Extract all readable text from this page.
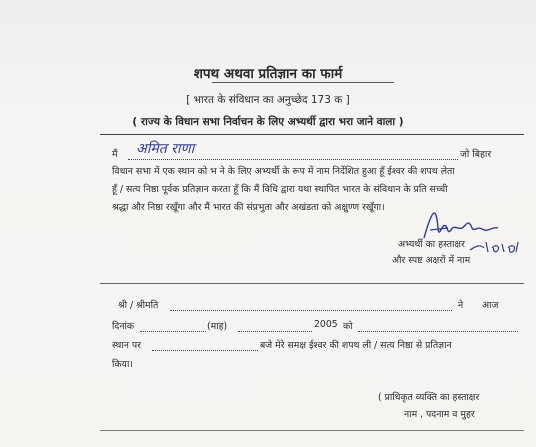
शपथ अथवा प्रतिज्ञान का फार्म
[ भारत के संविधान का अनुच्छेद 173 क ]
( राज्य के विधान सभा निर्वाचन के लिए अभ्यर्थी द्वारा भरा जाने वाला )
मैं अमित राणा	जो बिहार
विधान सभा में एक स्थान को भ ने के लिए अभ्यर्थी के रूप में नाम निर्देशित हुआ हूँ ईश्वर की शपथ लेता
हूँ / सत्य निष्ठा पूर्वक प्रतिज्ञान करता हूँ कि मैं विधि द्वारा यथा स्थापित भारत के संविधान के प्रति सच्ची
श्रद्धा और निष्ठा रखूँगा और मैं भारत की संप्रभुता और अखंडता को अक्षुण्ण रखूँगा।
अभ्यर्थी का हस्ताक्षर
और स्पष्ट अक्षरों में नाम
श्री / श्रीमति	ने आज
दिनांक	(माह)	2005 को
स्थान पर	बजे मेरे समक्ष ईश्वर की शपथ ली / सत्य निष्ठा से प्रतिज्ञान
किया।
( प्राधिकृत व्यक्ति का हस्ताक्षर
नाम , पदनाम व मुहर
